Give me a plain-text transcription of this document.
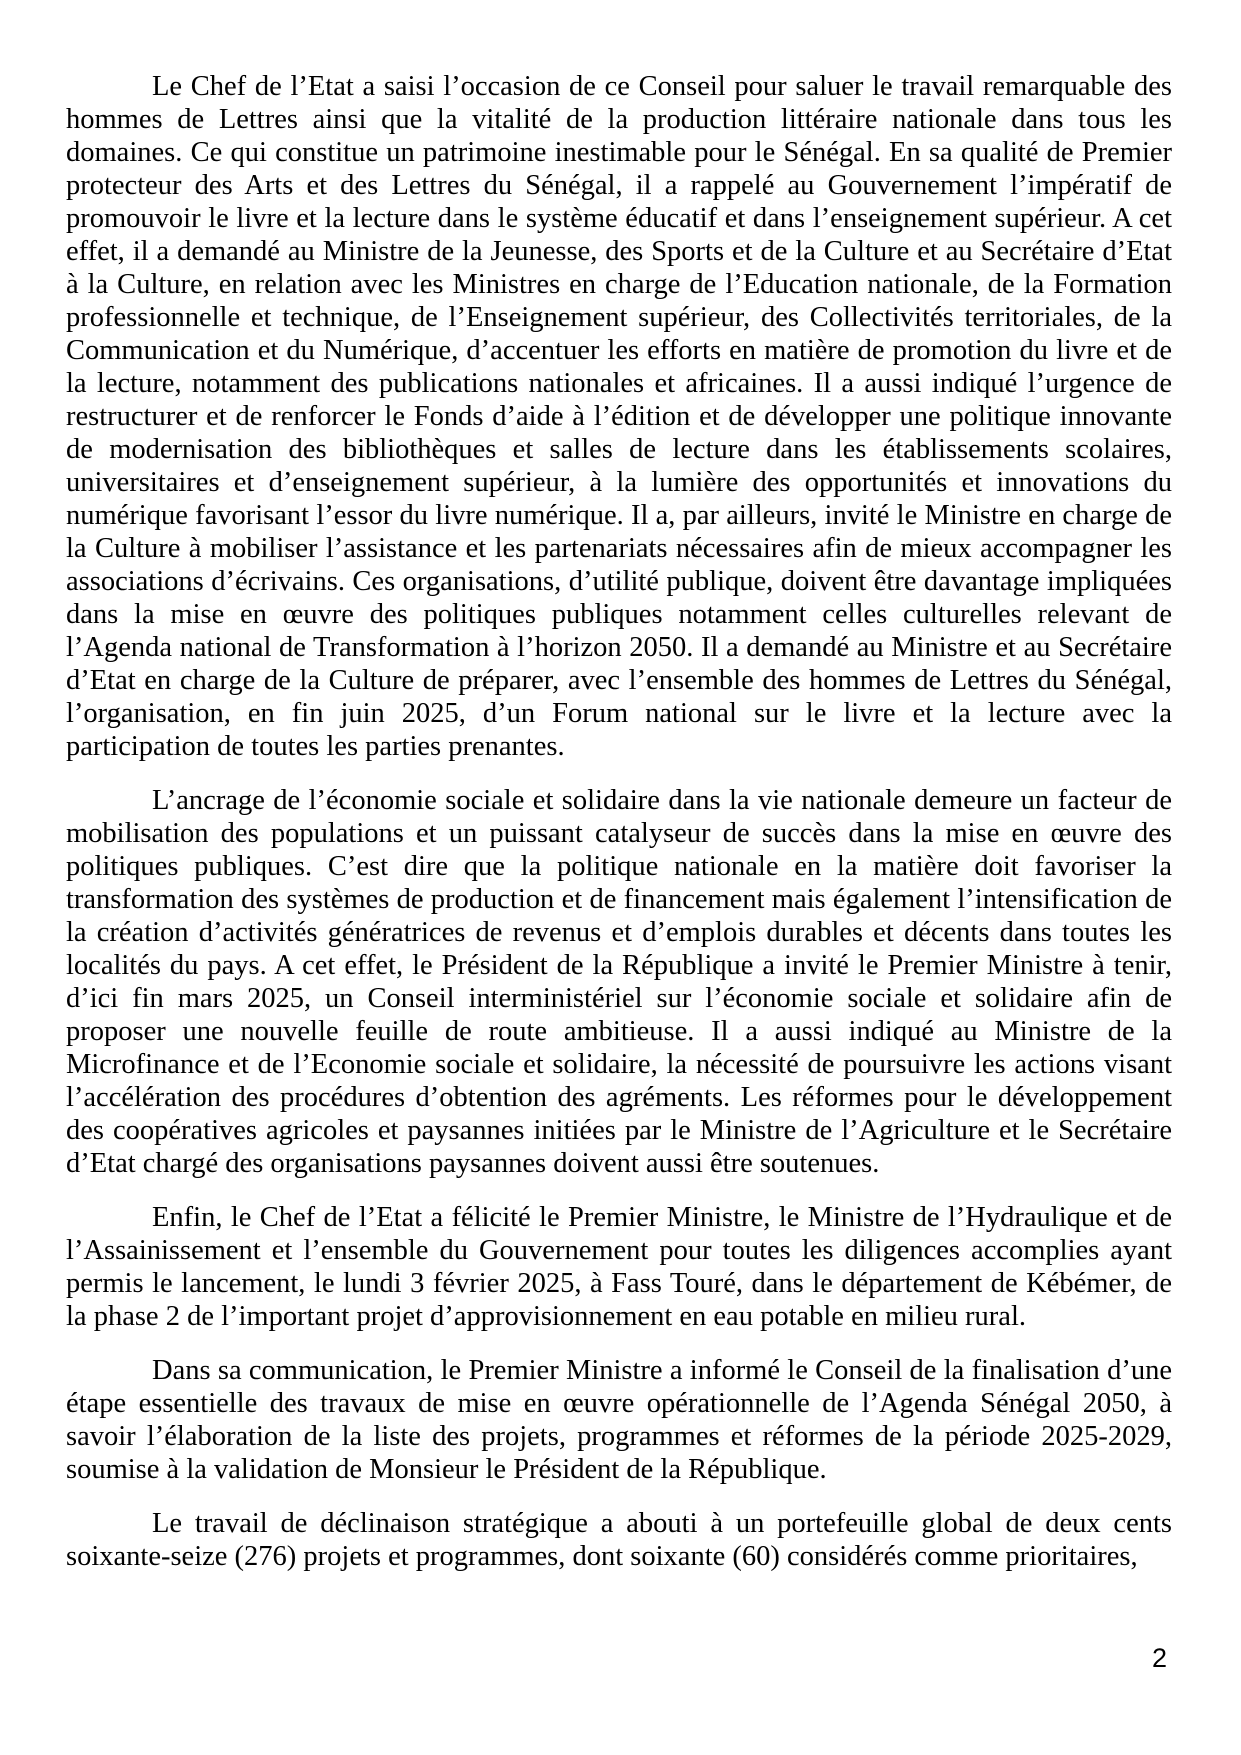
Le Chef de l’Etat a saisi l’occasion de ce Conseil pour saluer le travail remarquable des hommes de Lettres ainsi que la vitalité de la production littéraire nationale dans tous les domaines. Ce qui constitue un patrimoine inestimable pour le Sénégal. En sa qualité de Premier protecteur des Arts et des Lettres du Sénégal, il a rappelé au Gouvernement l’impératif de promouvoir le livre et la lecture dans le système éducatif et dans l’enseignement supérieur. A cet effet, il a demandé au Ministre de la Jeunesse, des Sports et de la Culture et au Secrétaire d’Etat à la Culture, en relation avec les Ministres en charge de l’Education nationale, de la Formation professionnelle et technique, de l’Enseignement supérieur, des Collectivités territoriales, de la Communication et du Numérique, d’accentuer les efforts en matière de promotion du livre et de la lecture, notamment des publications nationales et africaines. Il a aussi indiqué l’urgence de restructurer et de renforcer le Fonds d’aide à l’édition et de développer une politique innovante de modernisation des bibliothèques et salles de lecture dans les établissements scolaires, universitaires et d’enseignement supérieur, à la lumière des opportunités et innovations du numérique favorisant l’essor du livre numérique. Il a, par ailleurs, invité le Ministre en charge de la Culture à mobiliser l’assistance et les partenariats nécessaires afin de mieux accompagner les associations d’écrivains. Ces organisations, d’utilité publique, doivent être davantage impliquées dans la mise en œuvre des politiques publiques notamment celles culturelles relevant de l’Agenda national de Transformation à l’horizon 2050. Il a demandé au Ministre et au Secrétaire d’Etat en charge de la Culture de préparer, avec l’ensemble des hommes de Lettres du Sénégal, l’organisation, en fin juin 2025, d’un Forum national sur le livre et la lecture avec la participation de toutes les parties prenantes.

L’ancrage de l’économie sociale et solidaire dans la vie nationale demeure un facteur de mobilisation des populations et un puissant catalyseur de succès dans la mise en œuvre des politiques publiques. C’est dire que la politique nationale en la matière doit favoriser la transformation des systèmes de production et de financement mais également l’intensification de la création d’activités génératrices de revenus et d’emplois durables et décents dans toutes les localités du pays. A cet effet, le Président de la République a invité le Premier Ministre à tenir, d’ici fin mars 2025, un Conseil interministériel sur l’économie sociale et solidaire afin de proposer une nouvelle feuille de route ambitieuse. Il a aussi indiqué au Ministre de la Microfinance et de l’Economie sociale et solidaire, la nécessité de poursuivre les actions visant l’accélération des procédures d’obtention des agréments. Les réformes pour le développement des coopératives agricoles et paysannes initiées par le Ministre de l’Agriculture et le Secrétaire d’Etat chargé des organisations paysannes doivent aussi être soutenues.

Enfin, le Chef de l’Etat a félicité le Premier Ministre, le Ministre de l’Hydraulique et de l’Assainissement et l’ensemble du Gouvernement pour toutes les diligences accomplies ayant permis le lancement, le lundi 3 février 2025, à Fass Touré, dans le département de Kébémer, de la phase 2 de l’important projet d’approvisionnement en eau potable en milieu rural.

Dans sa communication, le Premier Ministre a informé le Conseil de la finalisation d’une étape essentielle des travaux de mise en œuvre opérationnelle de l’Agenda Sénégal 2050, à savoir l’élaboration de la liste des projets, programmes et réformes de la période 2025-2029, soumise à la validation de Monsieur le Président de la République.

Le travail de déclinaison stratégique a abouti à un portefeuille global de deux cents soixante-seize (276) projets et programmes, dont soixante (60) considérés comme prioritaires,

2
